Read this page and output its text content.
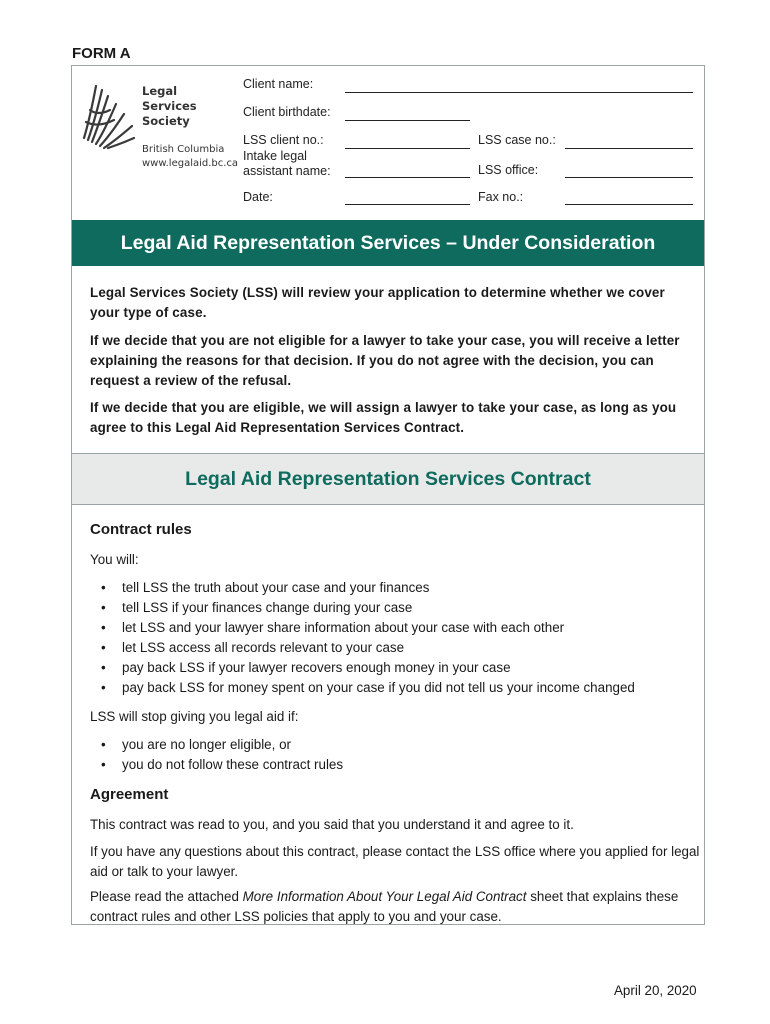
FORM A
Legal
Services
Society
British Columbia
www.legalaid.bc.ca
Client name:
Client birthdate:
LSS client no.:	LSS case no.:
Intake legal
assistant name:	LSS office:
Date:	Fax no.:
Legal Aid Representation Services – Under Consideration
Legal Services Society (LSS) will review your application to determine whether we cover your type of case.
If we decide that you are not eligible for a lawyer to take your case, you will receive a letter explaining the reasons for that decision. If you do not agree with the decision, you can request a review of the refusal.
If we decide that you are eligible, we will assign a lawyer to take your case, as long as you agree to this Legal Aid Representation Services Contract.
Legal Aid Representation Services Contract
Contract rules
You will:
• tell LSS the truth about your case and your finances
• tell LSS if your finances change during your case
• let LSS and your lawyer share information about your case with each other
• let LSS access all records relevant to your case
• pay back LSS if your lawyer recovers enough money in your case
• pay back LSS for money spent on your case if you did not tell us your income changed
LSS will stop giving you legal aid if:
• you are no longer eligible, or
• you do not follow these contract rules
Agreement
This contract was read to you, and you said that you understand it and agree to it.
If you have any questions about this contract, please contact the LSS office where you applied for legal aid or talk to your lawyer.
Please read the attached More Information About Your Legal Aid Contract sheet that explains these contract rules and other LSS policies that apply to you and your case.
April 20, 2020
